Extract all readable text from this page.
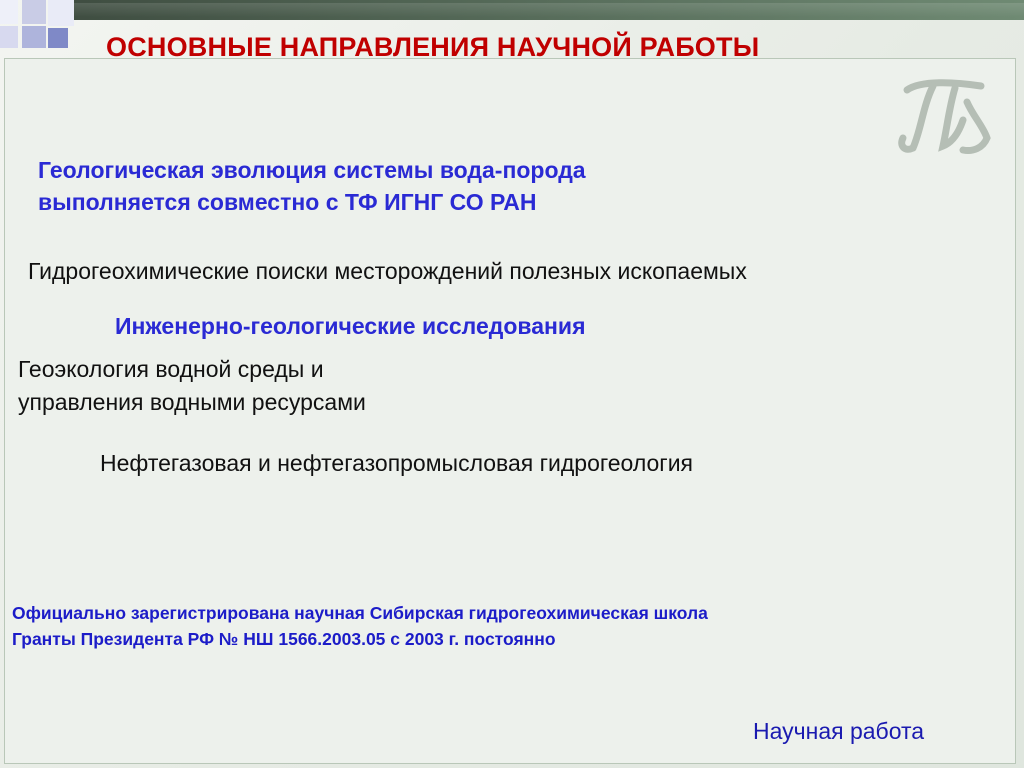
ОСНОВНЫЕ НАПРАВЛЕНИЯ НАУЧНОЙ РАБОТЫ

Геологическая эволюция системы вода-порода
выполняется совместно с ТФ ИГНГ СО РАН

Гидрогеохимические поиски месторождений полезных ископаемых

Инженерно-геологические исследования

Геоэкология водной среды и
управления водными ресурсами

Нефтегазовая и нефтегазопромысловая гидрогеология

Официально зарегистрирована научная Сибирская гидрогеохимическая школа
Гранты Президента РФ № НШ 1566.2003.05 с 2003 г. постоянно

Научная работа
